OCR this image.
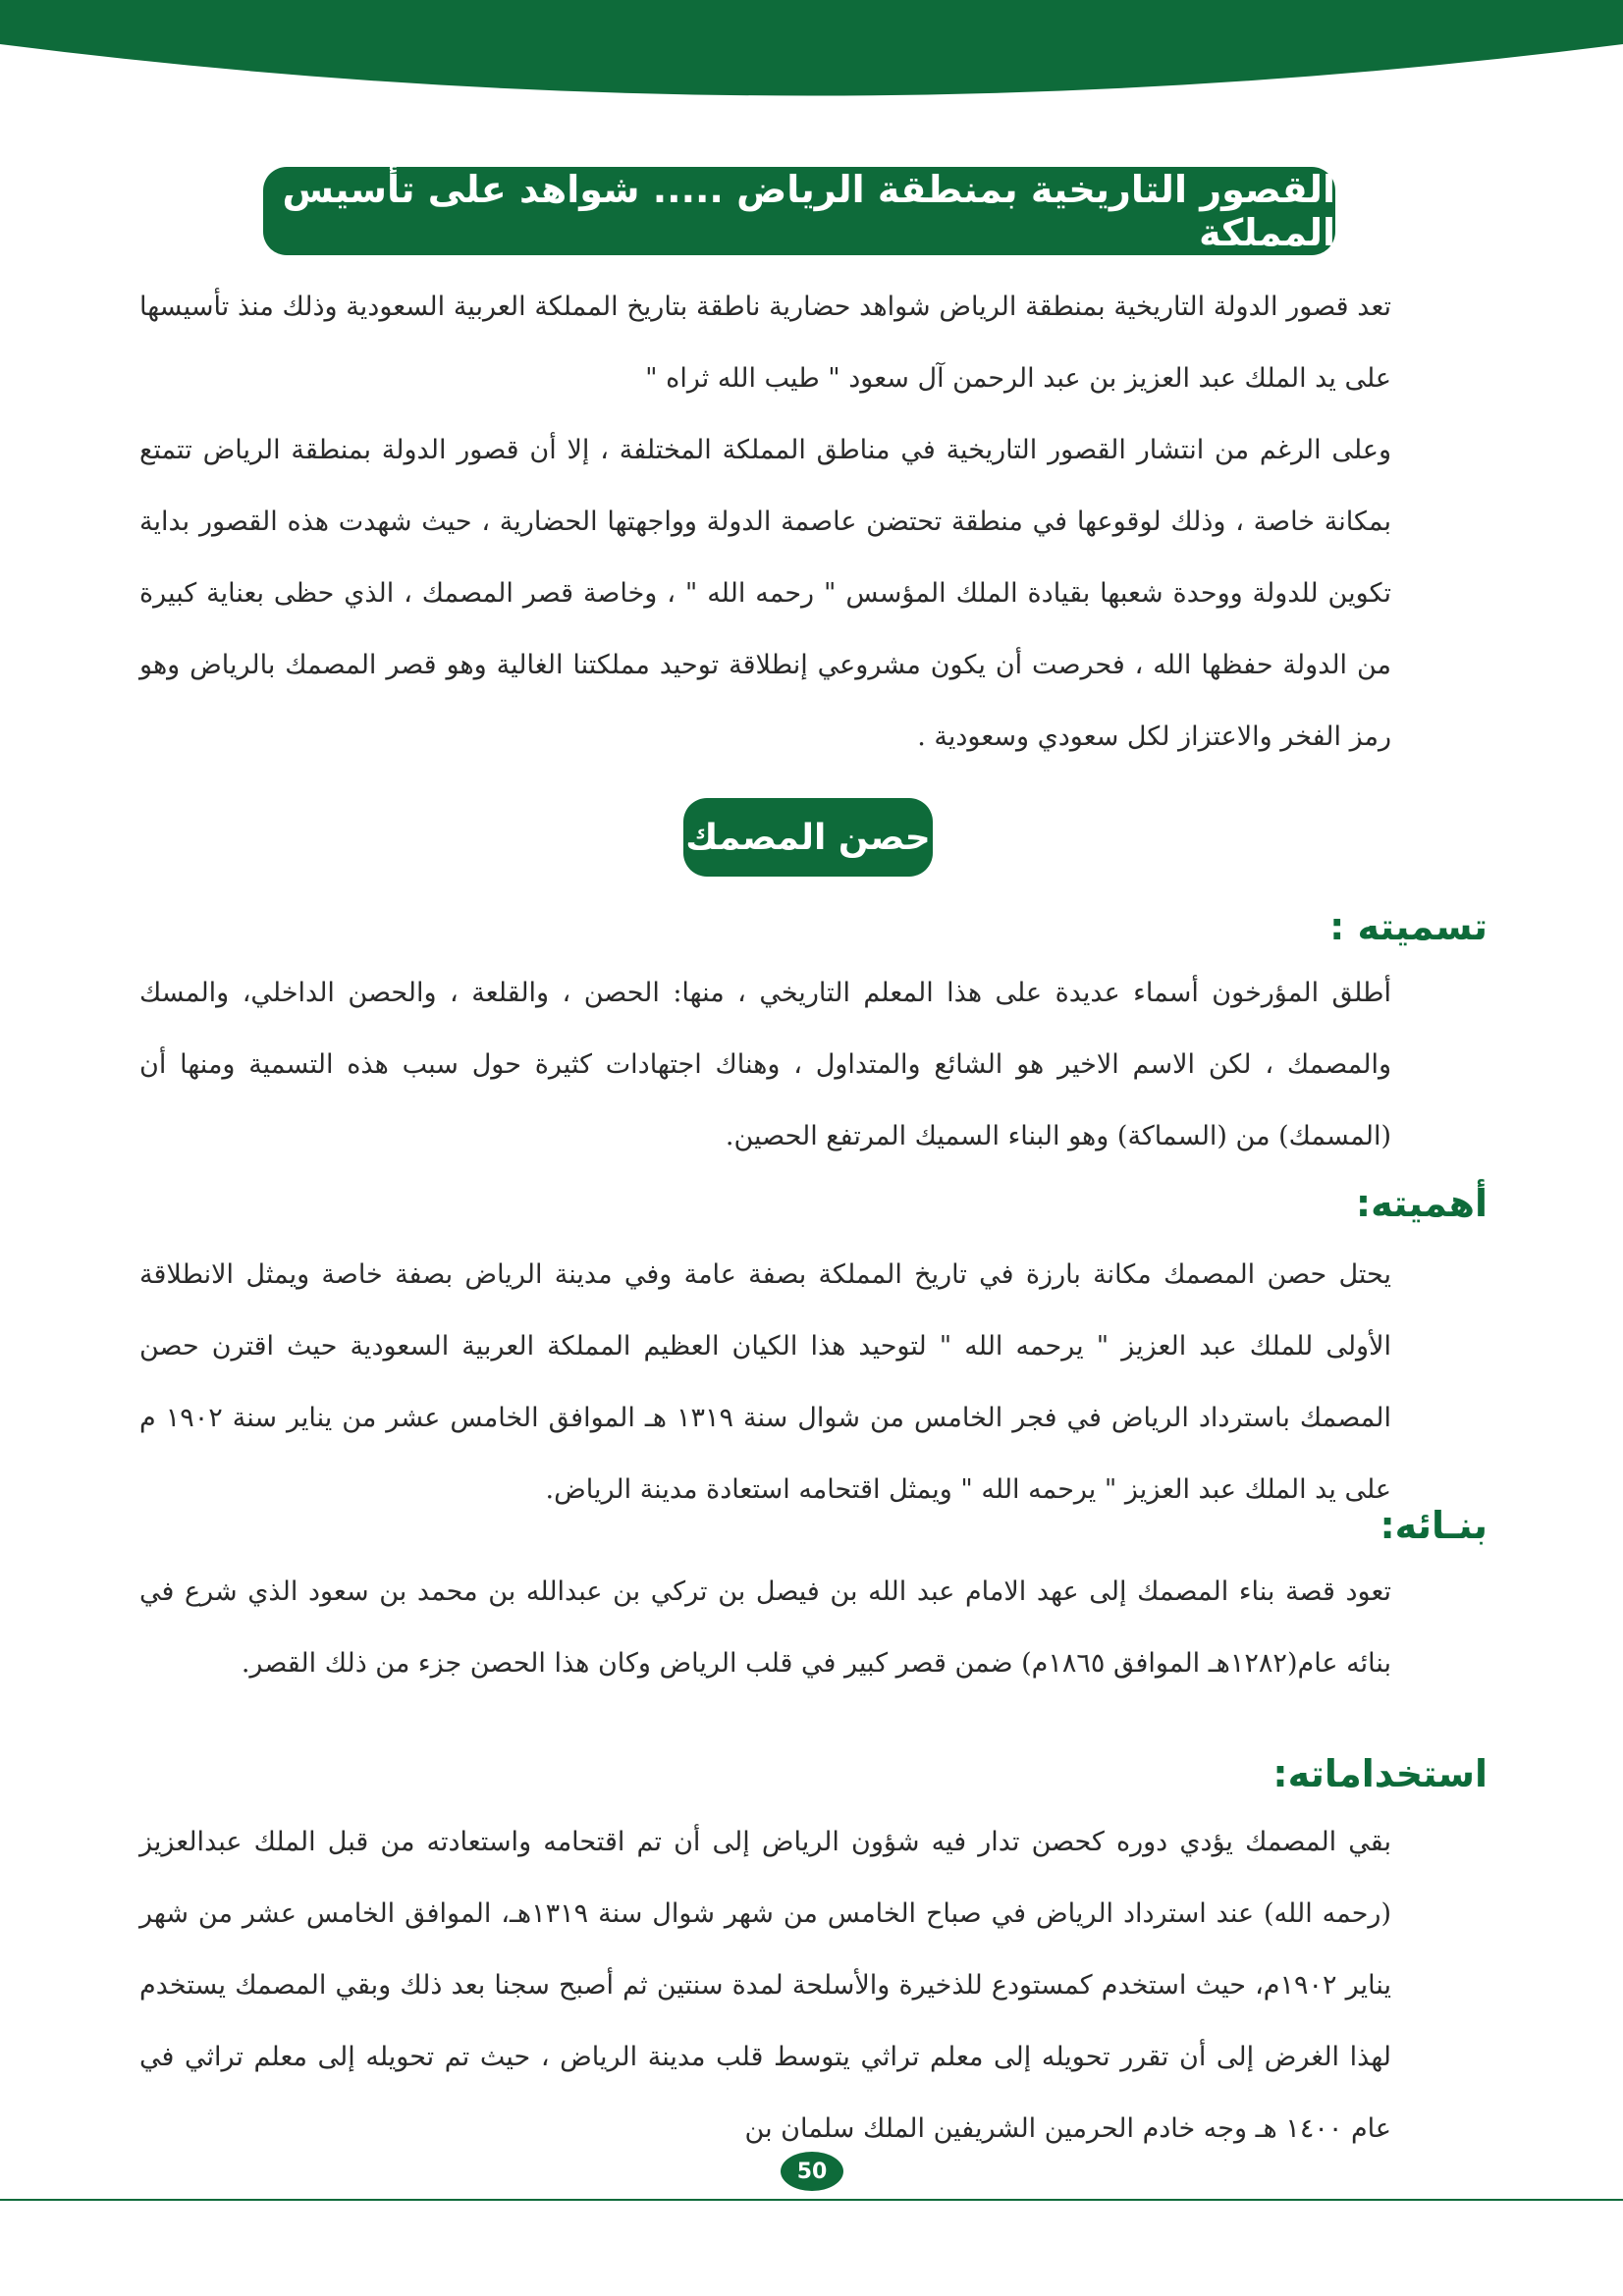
القصور التاريخية بمنطقة الرياض ..... شواهد على تأسيس المملكة

تعد قصور الدولة التاريخية بمنطقة الرياض شواهد حضارية ناطقة بتاريخ المملكة العربية السعودية وذلك منذ تأسيسها على يد الملك عبد العزيز بن عبد الرحمن آل سعود " طيب الله ثراه "

وعلى الرغم من انتشار القصور التاريخية في مناطق المملكة المختلفة ، إلا أن قصور الدولة بمنطقة الرياض تتمتع بمكانة خاصة ، وذلك لوقوعها في منطقة تحتضن عاصمة الدولة وواجهتها الحضارية ، حيث شهدت هذه القصور بداية تكوين للدولة ووحدة شعبها بقيادة الملك المؤسس " رحمه الله " ، وخاصة قصر المصمك ، الذي حظى بعناية كبيرة من الدولة حفظها الله ، فحرصت أن يكون مشروعي إنطلاقة توحيد مملكتنا الغالية وهو قصر المصمك بالرياض وهو رمز الفخر والاعتزاز لكل سعودي وسعودية .

حصن المصمك
تسميته :

أطلق المؤرخون أسماء عديدة على هذا المعلم التاريخي ، منها: الحصن ، والقلعة ، والحصن الداخلي، والمسك والمصمك ، لكن الاسم الاخير هو الشائع والمتداول ، وهناك اجتهادات كثيرة حول سبب هذه التسمية ومنها أن (المسمك) من (السماكة) وهو البناء السميك المرتفع الحصين.

أهميته:

يحتل حصن المصمك مكانة بارزة في تاريخ المملكة بصفة عامة وفي مدينة الرياض بصفة خاصة ويمثل الانطلاقة الأولى للملك عبد العزيز " يرحمه الله " لتوحيد هذا الكيان العظيم المملكة العربية السعودية حيث اقترن حصن المصمك باسترداد الرياض في فجر الخامس من شوال سنة ١٣١٩ هـ الموافق الخامس عشر من يناير سنة ١٩٠٢ م على يد الملك عبد العزيز " يرحمه الله " ويمثل اقتحامه استعادة مدينة الرياض.

بنـائه:

تعود قصة بناء المصمك إلى عهد الامام عبد الله بن فيصل بن تركي بن عبدالله بن محمد بن سعود الذي شرع في بنائه عام(١٢٨٢هـ الموافق ١٨٦٥م) ضمن قصر كبير في قلب الرياض وكان هذا الحصن جزء من ذلك القصر.

استخداماته:

بقي المصمك يؤدي دوره كحصن تدار فيه شؤون الرياض إلى أن تم اقتحامه واستعادته من قبل الملك عبدالعزيز (رحمه الله) عند استرداد الرياض في صباح الخامس من شهر شوال سنة ١٣١٩هـ، الموافق الخامس عشر من شهر يناير ١٩٠٢م، حيث استخدم كمستودع للذخيرة والأسلحة لمدة سنتين ثم أصبح سجنا بعد ذلك وبقي المصمك يستخدم لهذا الغرض إلى أن تقرر تحويله إلى معلم تراثي يتوسط قلب مدينة الرياض ، حيث تم تحويله إلى معلم تراثي في عام ١٤٠٠ هـ وجه خادم الحرمين الشريفين الملك سلمان بن

50
